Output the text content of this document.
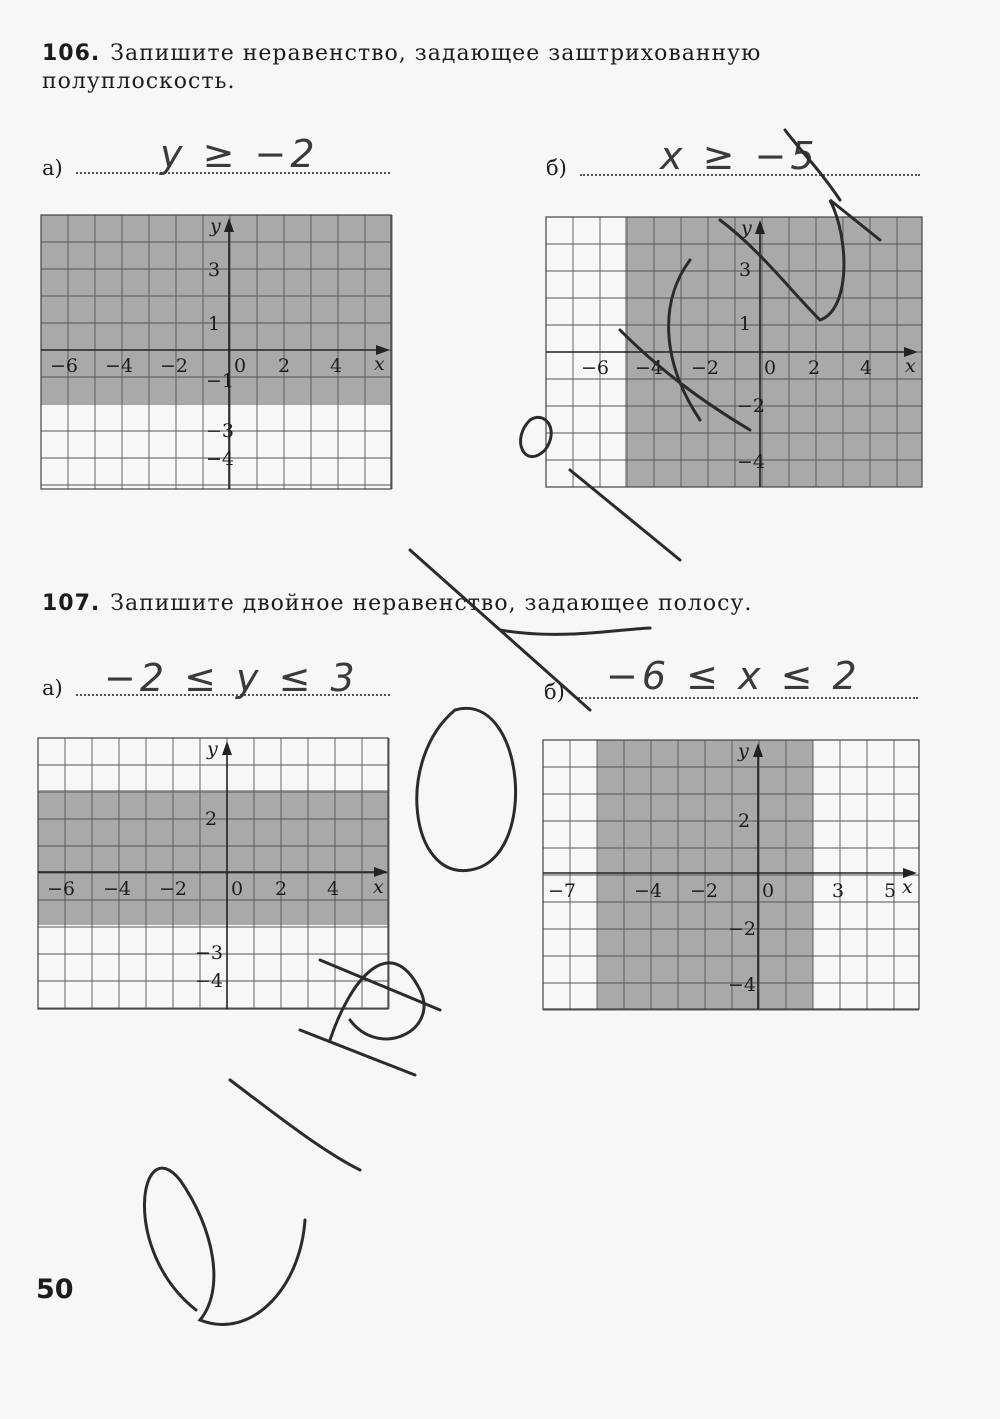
106. Запишите неравенство, задающее заштрихованную полуплоскость.
а)	y ≥ −2	б) x ≥ −5
x
y
−6 −4 −2 0 2 4
3
1
−1
−3
−4
x
y
−6 −4 −2 0 2 4
3
1
−2
−4
107. Запишите двойное неравенство, задающее полосу.
а) −2 ≤ y ≤ 3	б) −6 ≤ x ≤ 2
x
y
−6 −4 −2 0 2 4
2
−3
−4
x
y
−7	−4 −2 0	3 5
2
−2
−4
50
